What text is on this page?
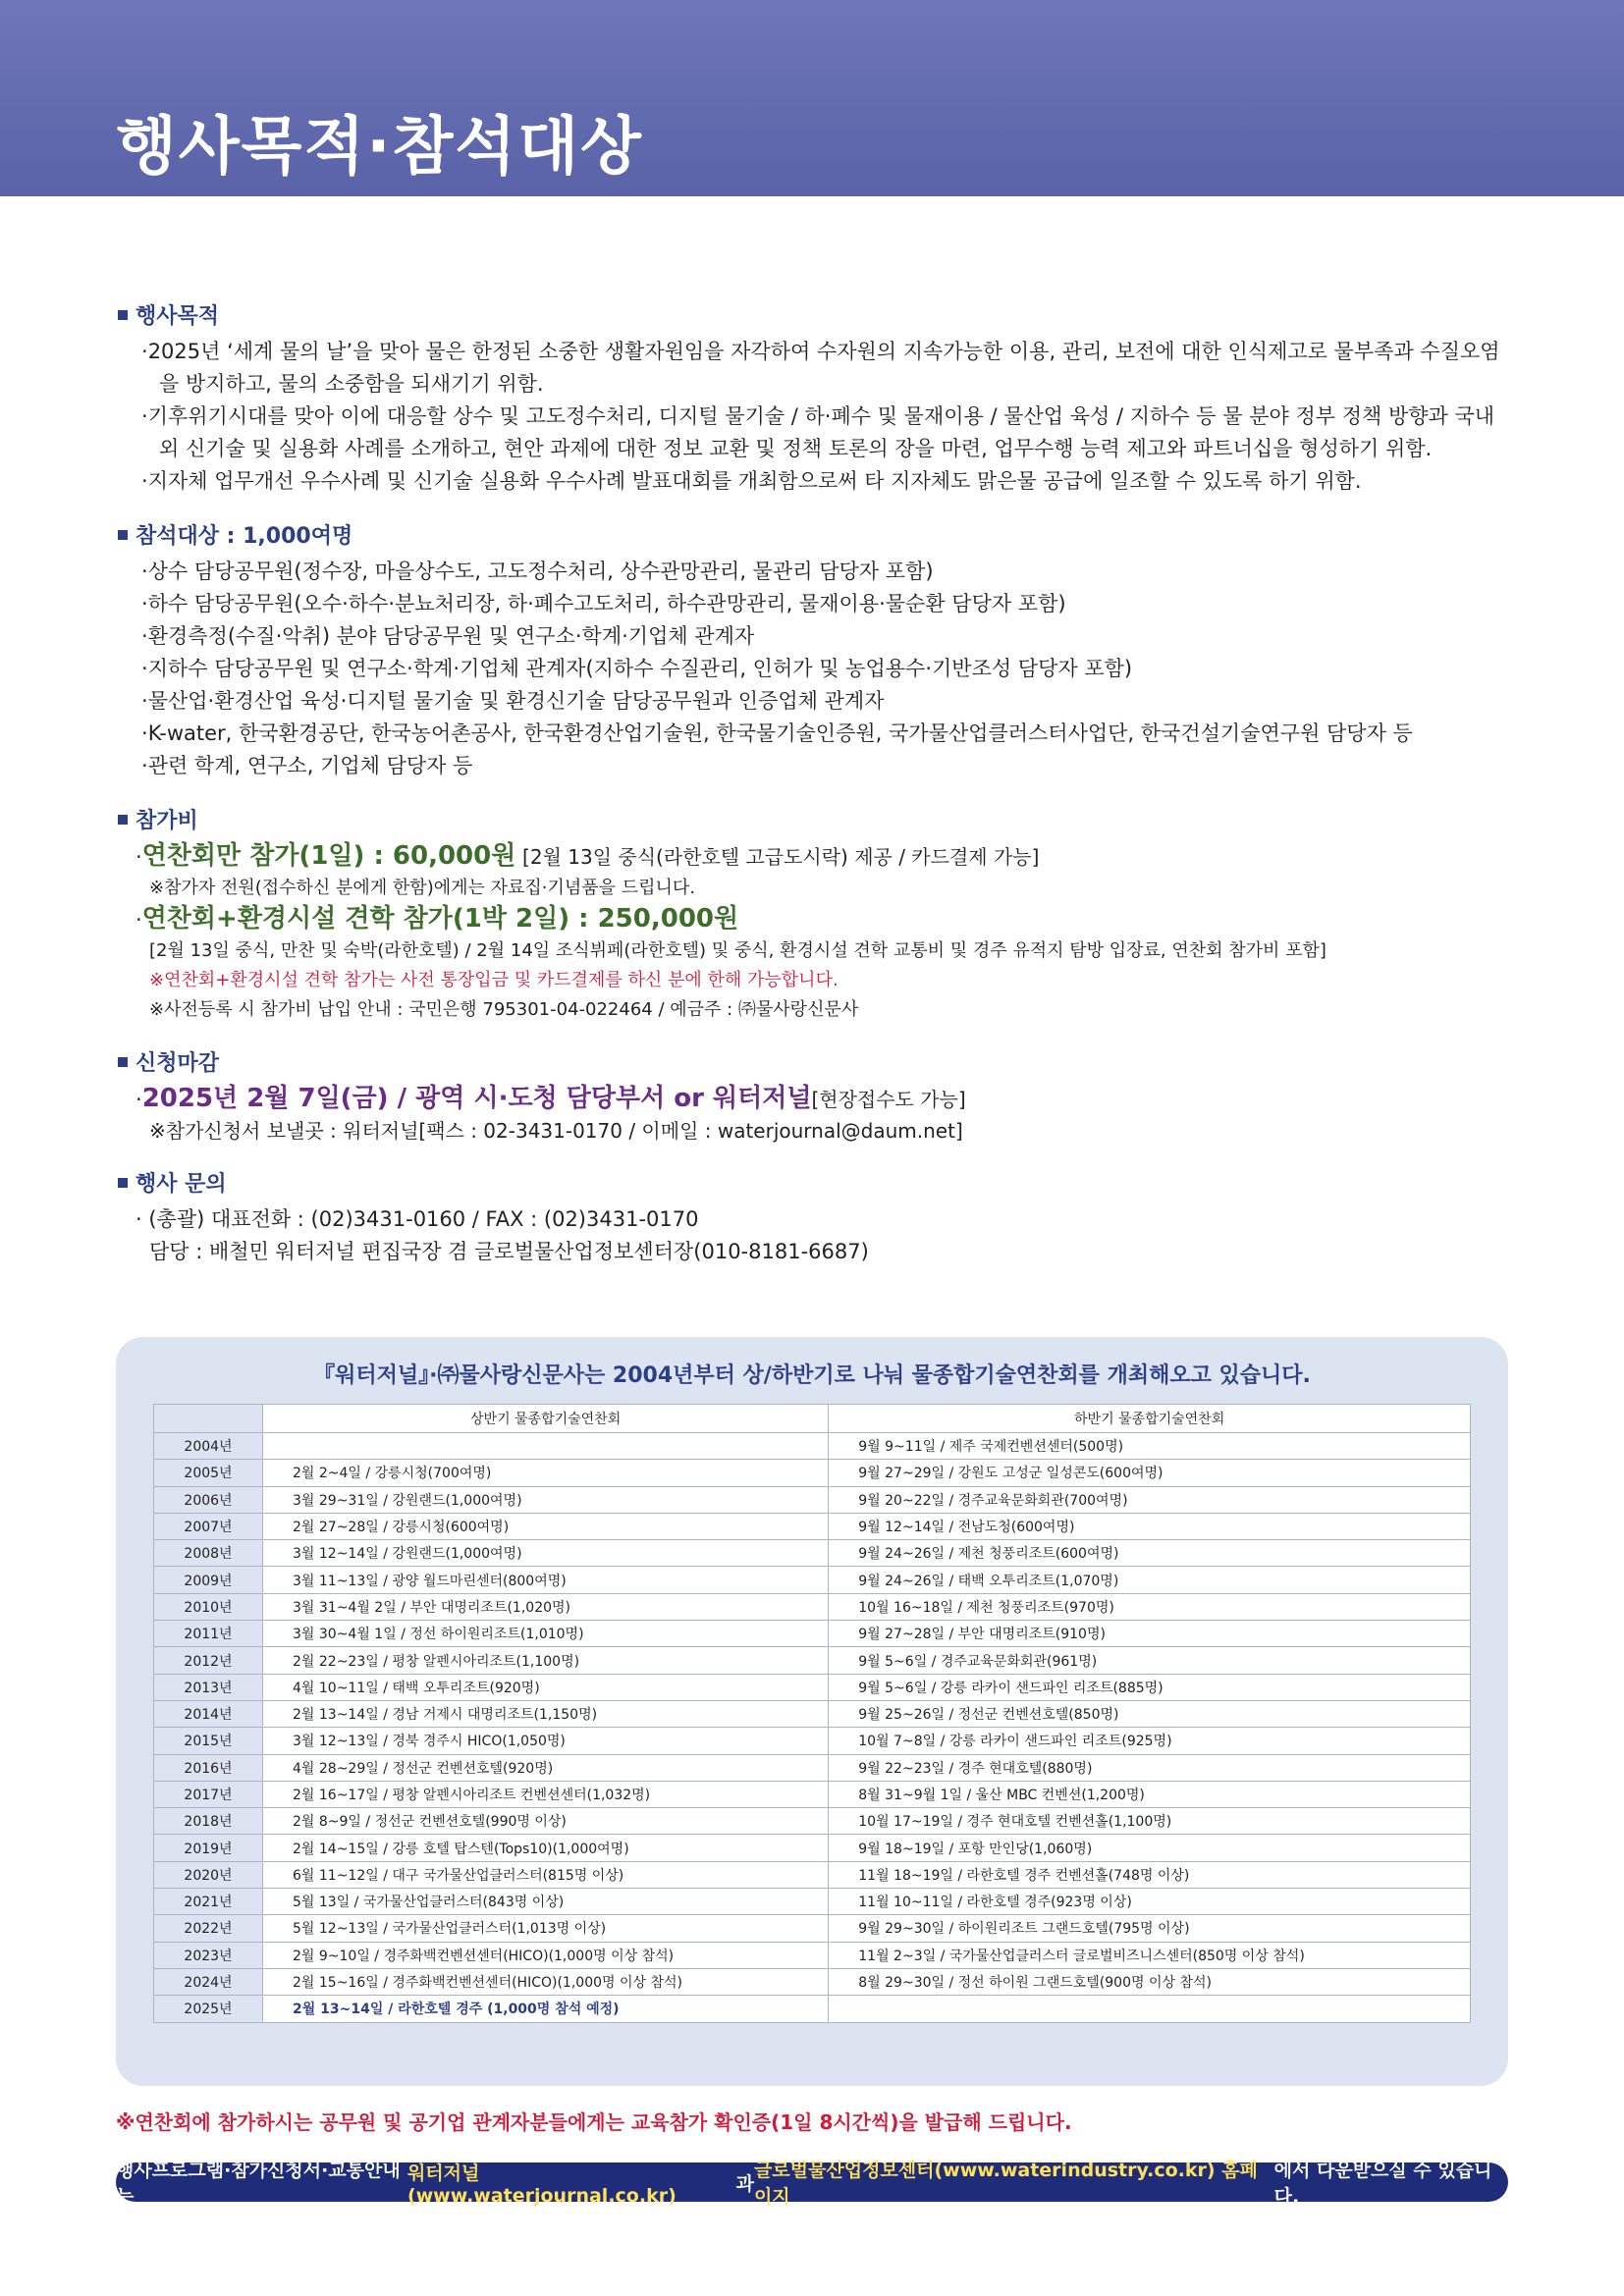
행사목적·참석대상
행사목적
·2025년 ‘세계 물의 날’을 맞아 물은 한정된 소중한 생활자원임을 자각하여 수자원의 지속가능한 이용, 관리, 보전에 대한 인식제고로 물부족과 수질오염을 방지하고, 물의 소중함을 되새기기 위함.
·기후위기시대를 맞아 이에 대응할 상수 및 고도정수처리, 디지털 물기술 / 하·폐수 및 물재이용 / 물산업 육성 / 지하수 등 물 분야 정부 정책 방향과 국내외 신기술 및 실용화 사례를 소개하고, 현안 과제에 대한 정보 교환 및 정책 토론의 장을 마련, 업무수행 능력 제고와 파트너십을 형성하기 위함.
·지자체 업무개선 우수사례 및 신기술 실용화 우수사례 발표대회를 개최함으로써 타 지자체도 맑은물 공급에 일조할 수 있도록 하기 위함.
참석대상 : 1,000여명
·상수 담당공무원(정수장, 마을상수도, 고도정수처리, 상수관망관리, 물관리 담당자 포함)
·하수 담당공무원(오수·하수·분뇨처리장, 하·폐수고도처리, 하수관망관리, 물재이용·물순환 담당자 포함)
·환경측정(수질·악취) 분야 담당공무원 및 연구소·학계·기업체 관계자
·지하수 담당공무원 및 연구소·학계·기업체 관계자(지하수 수질관리, 인허가 및 농업용수·기반조성 담당자 포함)
·물산업·환경산업 육성·디지털 물기술 및 환경신기술 담당공무원과 인증업체 관계자
·K-water, 한국환경공단, 한국농어촌공사, 한국환경산업기술원, 한국물기술인증원, 국가물산업클러스터사업단, 한국건설기술연구원 담당자 등
·관련 학계, 연구소, 기업체 담당자 등
참가비
·연찬회만 참가(1일) : 60,000원 [2월 13일 중식(라한호텔 고급도시락) 제공 / 카드결제 가능]
※참가자 전원(접수하신 분에게 한함)에게는 자료집·기념품을 드립니다.
·연찬회+환경시설 견학 참가(1박 2일) : 250,000원
[2월 13일 중식, 만찬 및 숙박(라한호텔) / 2월 14일 조식뷔페(라한호텔) 및 중식, 환경시설 견학 교통비 및 경주 유적지 탐방 입장료, 연찬회 참가비 포함]
※연찬회+환경시설 견학 참가는 사전 통장입금 및 카드결제를 하신 분에 한해 가능합니다.
※사전등록 시 참가비 납입 안내 : 국민은행 795301-04-022464 / 예금주 : ㈜물사랑신문사
신청마감
·2025년 2월 7일(금) / 광역 시·도청 담당부서 or 워터저널[현장접수도 가능]
※참가신청서 보낼곳 : 워터저널[팩스 : 02-3431-0170 / 이메일 : waterjournal@daum.net]
행사 문의
· (총괄) 대표전화 : (02)3431-0160 / FAX : (02)3431-0170
담당 : 배철민 워터저널 편집국장 겸 글로벌물산업정보센터장(010-8181-6687)
『워터저널』·㈜물사랑신문사는 2004년부터 상/하반기로 나눠 물종합기술연찬회를 개최해오고 있습니다.
	상반기 물종합기술연찬회	하반기 물종합기술연찬회
2004년		9월 9~11일 / 제주 국제컨벤션센터(500명)
2005년	2월 2~4일 / 강릉시청(700여명)	9월 27~29일 / 강원도 고성군 일성콘도(600여명)
2006년	3월 29~31일 / 강원랜드(1,000여명)	9월 20~22일 / 경주교육문화회관(700여명)
2007년	2월 27~28일 / 강릉시청(600여명)	9월 12~14일 / 전남도청(600여명)
2008년	3월 12~14일 / 강원랜드(1,000여명)	9월 24~26일 / 제천 청풍리조트(600여명)
2009년	3월 11~13일 / 광양 월드마린센터(800여명)	9월 24~26일 / 태백 오투리조트(1,070명)
2010년	3월 31~4월 2일 / 부안 대명리조트(1,020명)	10월 16~18일 / 제천 청풍리조트(970명)
2011년	3월 30~4월 1일 / 정선 하이원리조트(1,010명)	9월 27~28일 / 부안 대명리조트(910명)
2012년	2월 22~23일 / 평창 알펜시아리조트(1,100명)	9월 5~6일 / 경주교육문화회관(961명)
2013년	4월 10~11일 / 태백 오투리조트(920명)	9월 5~6일 / 강릉 라카이 샌드파인 리조트(885명)
2014년	2월 13~14일 / 경남 거제시 대명리조트(1,150명)	9월 25~26일 / 정선군 컨벤션호텔(850명)
2015년	3월 12~13일 / 경북 경주시 HICO(1,050명)	10월 7~8일 / 강릉 라카이 샌드파인 리조트(925명)
2016년	4월 28~29일 / 정선군 컨벤션호텔(920명)	9월 22~23일 / 경주 현대호텔(880명)
2017년	2월 16~17일 / 평창 알펜시아리조트 컨벤션센터(1,032명)	8월 31~9월 1일 / 울산 MBC 컨벤션(1,200명)
2018년	2월 8~9일 / 정선군 컨벤션호텔(990명 이상)	10월 17~19일 / 경주 현대호텔 컨벤션홀(1,100명)
2019년	2월 14~15일 / 강릉 호텔 탑스텐(Tops10)(1,000여명)	9월 18~19일 / 포항 만인당(1,060명)
2020년	6월 11~12일 / 대구 국가물산업클러스터(815명 이상)	11월 18~19일 / 라한호텔 경주 컨벤션홀(748명 이상)
2021년	5월 13일 / 국가물산업클러스터(843명 이상)	11월 10~11일 / 라한호텔 경주(923명 이상)
2022년	5월 12~13일 / 국가물산업클러스터(1,013명 이상)	9월 29~30일 / 하이원리조트 그랜드호텔(795명 이상)
2023년	2월 9~10일 / 경주화백컨벤션센터(HICO)(1,000명 이상 참석)	11월 2~3일 / 국가물산업클러스터 글로벌비즈니스센터(850명 이상 참석)
2024년	2월 15~16일 / 경주화백컨벤션센터(HICO)(1,000명 이상 참석)	8월 29~30일 / 정선 하이원 그랜드호텔(900명 이상 참석)
2025년	2월 13~14일 / 라한호텔 경주 (1,000명 참석 예정)	
※연찬회에 참가하시는 공무원 및 공기업 관계자분들에게는 교육참가 확인증(1일 8시간씩)을 발급해 드립니다.
행사프로그램·참가신청서·교통안내는
워터저널(www.waterjournal.co.kr)
과
글로벌물산업정보센터(www.waterindustry.co.kr) 홈페이지
에서 다운받으실 수 있습니다.
